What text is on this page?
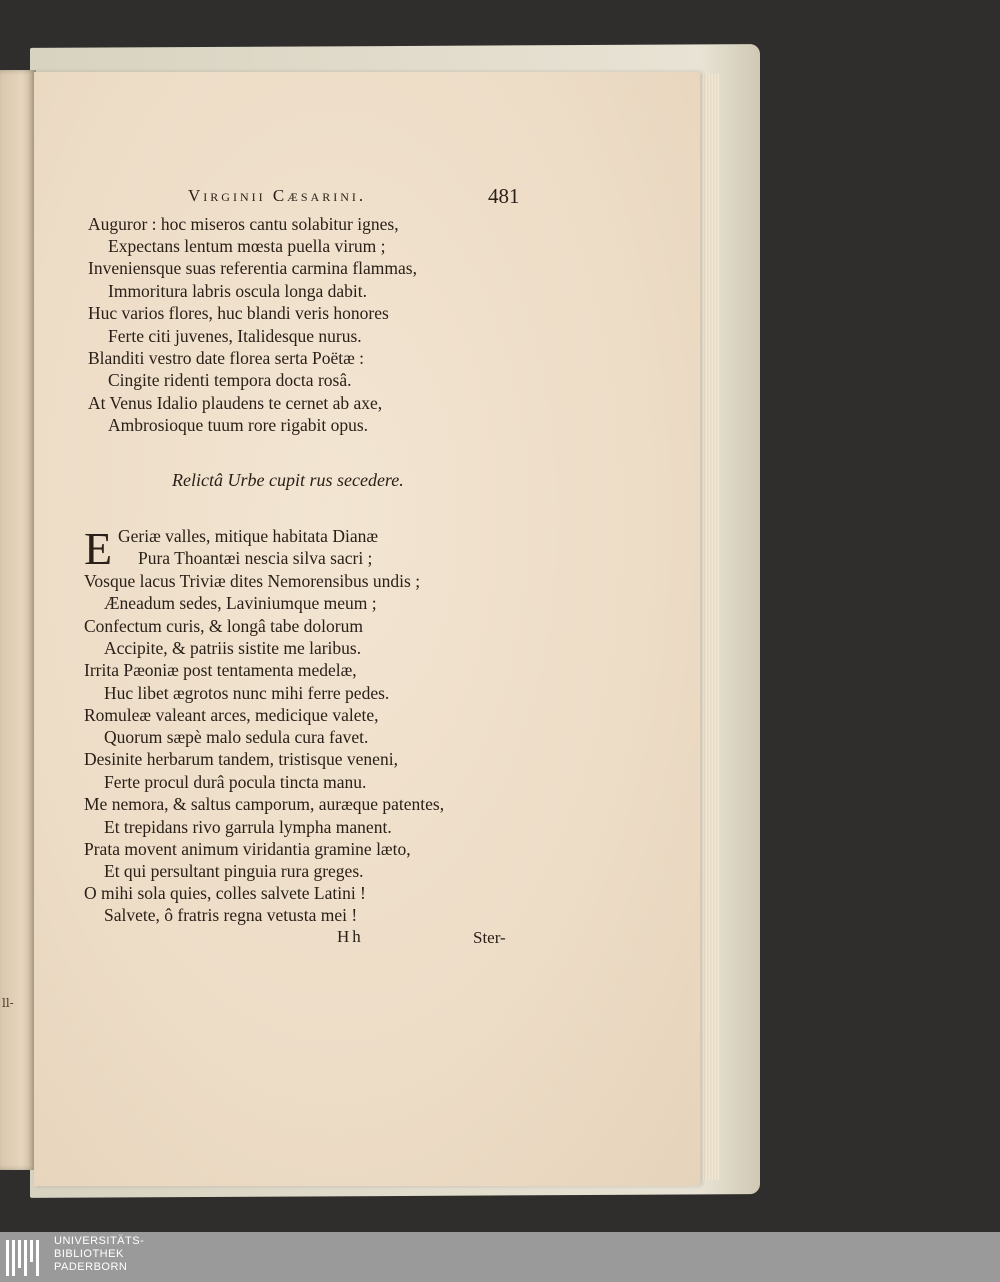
ll-
Virginii Cæsarini.	481
Auguror : hoc miseros cantu solabitur ignes,
Expectans lentum mœsta puella virum ;
Inveniensque suas referentia carmina flammas,
Immoritura labris oscula longa dabit.
Huc varios flores, huc blandi veris honores
Ferte citi juvenes, Italidesque nurus.
Blanditi vestro date florea serta Poëtæ :
Cingite ridenti tempora docta rosâ.
At Venus Idalio plaudens te cernet ab axe,
Ambrosioque tuum rore rigabit opus.
Relictâ Urbe cupit rus secedere.
E Geriæ valles, mitique habitata Dianæ
Pura Thoantæi nescia silva sacri ;
Vosque lacus Triviæ dites Nemorensibus undis ;
Æneadum sedes, Laviniumque meum ;
Confectum curis, & longâ tabe dolorum
Accipite, & patriis sistite me laribus.
Irrita Pæoniæ post tentamenta medelæ,
Huc libet ægrotos nunc mihi ferre pedes.
Romuleæ valeant arces, medicique valete,
Quorum sæpè malo sedula cura favet.
Desinite herbarum tandem, tristisque veneni,
Ferte procul durâ pocula tincta manu.
Me nemora, & saltus camporum, auræque patentes,
Et trepidans rivo garrula lympha manent.
Prata movent animum viridantia gramine læto,
Et qui persultant pinguia rura greges.
O mihi sola quies, colles salvete Latini !
Salvete, ô fratris regna vetusta mei !
Hh	Ster-
UNIVERSITÄTS-
BIBLIOTHEK
PADERBORN
